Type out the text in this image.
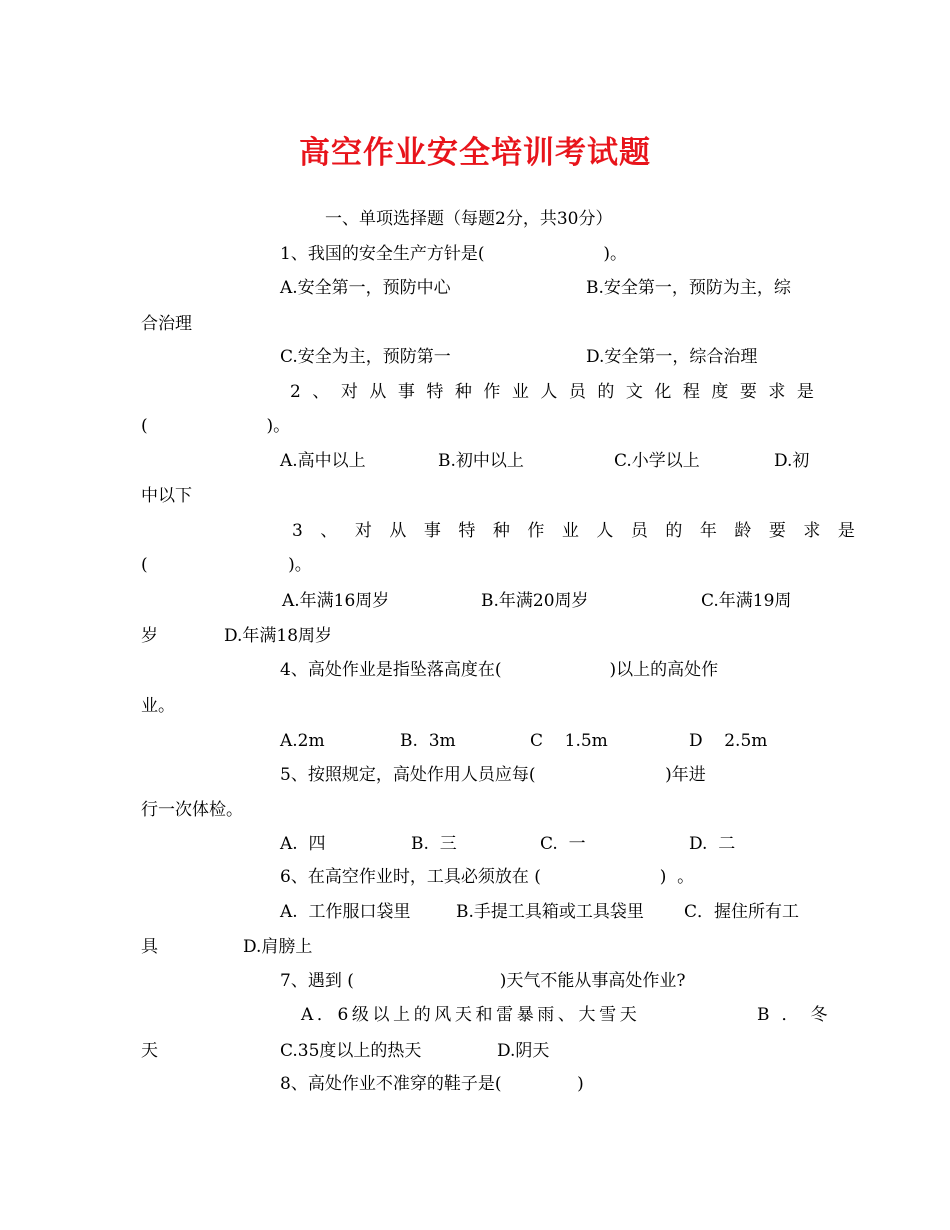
高空作业安全培训考试题
一、单项选择题（每题2分，共30分）
1、我国的安全生产方针是(                      )。
A.安全第一，预防中心	B.安全第一，预防为主，综
合治理
C.安全为主，预防第一	D.安全第一，综合治理
2、对从事特种作业人员的文化程度要求是
(                      )。
A.高中以上	B.初中以上	C.小学以上	D.初
中以下
3、对从事特种作业人员的年龄要求是
(                          )。
A.年满16周岁	B.年满20周岁	C.年满19周
岁	D.年满18周岁
4、高处作业是指坠落高度在(                    )以上的高处作
业。
A.2m	B.  3m	C    1.5m	D    2.5m
5、按照规定，高处作用人员应每(                        )年进
行一次体检。
A.  四	B.  三	C.  一	D.  二
6、在高空作业时，工具必须放在 (                      )  。
A.  工作服口袋里	B.手提工具箱或工具袋里 C．握住所有工
具	D.肩膀上
7、遇到 (                           )天气不能从事高处作业?
A．6级以上的风天和雷暴雨、大雪天	B．冬
天	C.35度以上的热天	D.阴天
8、高处作业不准穿的鞋子是(              )
